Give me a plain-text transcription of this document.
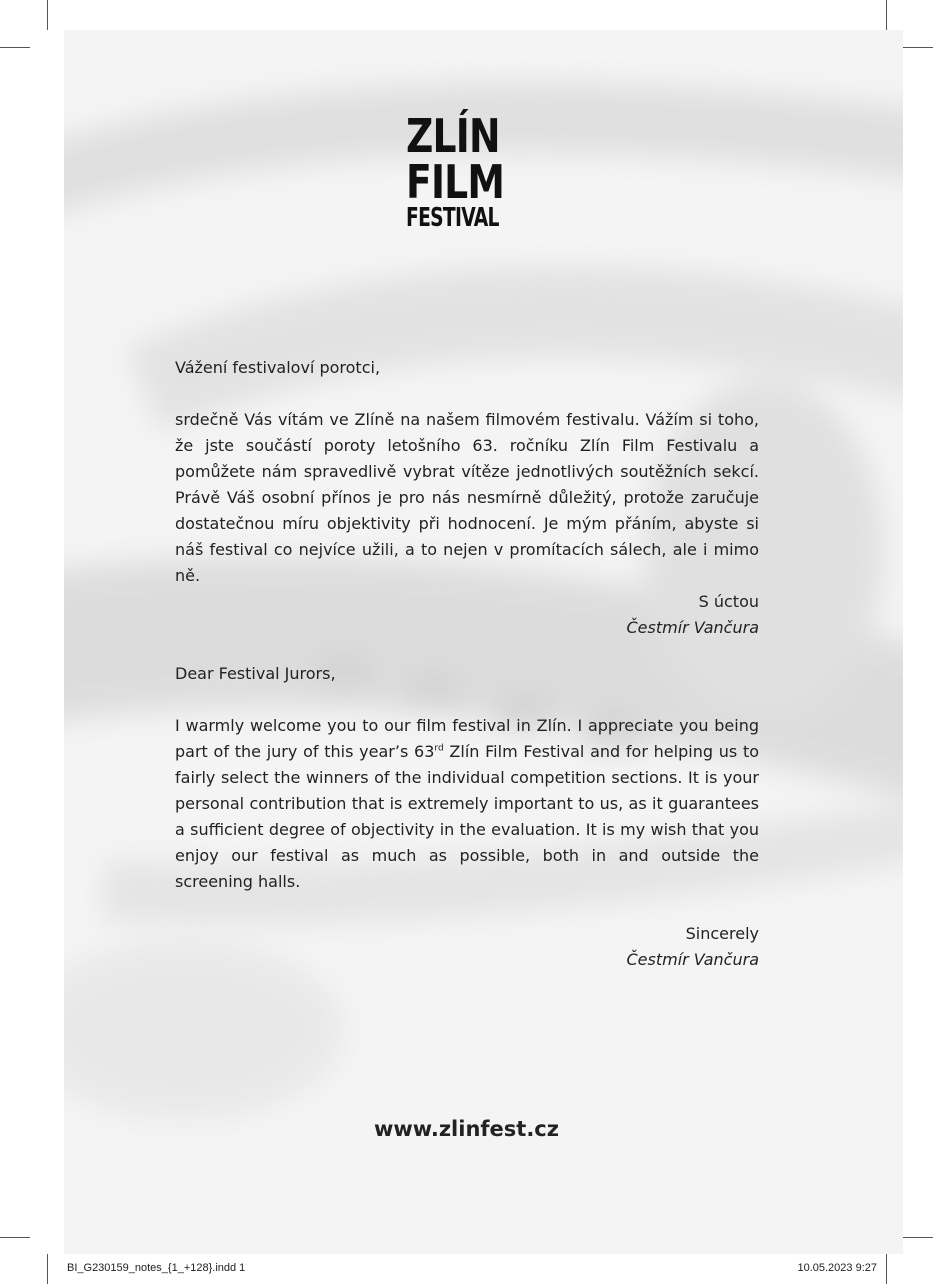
ZLÍN
FILM
FESTIVAL
Vážení festivaloví porotci,
srdečně Vás vítám ve Zlíně na našem filmovém festivalu. Vážím si toho, že jste součástí poroty letošního 63. ročníku Zlín Film Festivalu a pomůžete nám spravedlivě vybrat vítěze jednotlivých soutěžních sekcí. Právě Váš osobní přínos je pro nás nesmírně důležitý, protože zaručuje dostatečnou míru objektivity při hodnocení. Je mým přáním, abyste si náš festival co nejvíce užili, a to nejen v promítacích sálech, ale i mimo ně.
S úctou
Čestmír Vančura
Dear Festival Jurors,
I warmly welcome you to our film festival in Zlín. I appreciate you being part of the jury of this year’s 63rd Zlín Film Festival and for helping us to fairly select the winners of the individual competition sections. It is your personal contribution that is extremely important to us, as it guarantees a sufficient degree of objectivity in the evaluation. It is my wish that you enjoy our festival as much as possible, both in and outside the screening halls.
Sincerely
Čestmír Vančura
www.zlinfest.cz
BI_G230159_notes_{1_+128}.indd 1	10.05.2023 9:27
